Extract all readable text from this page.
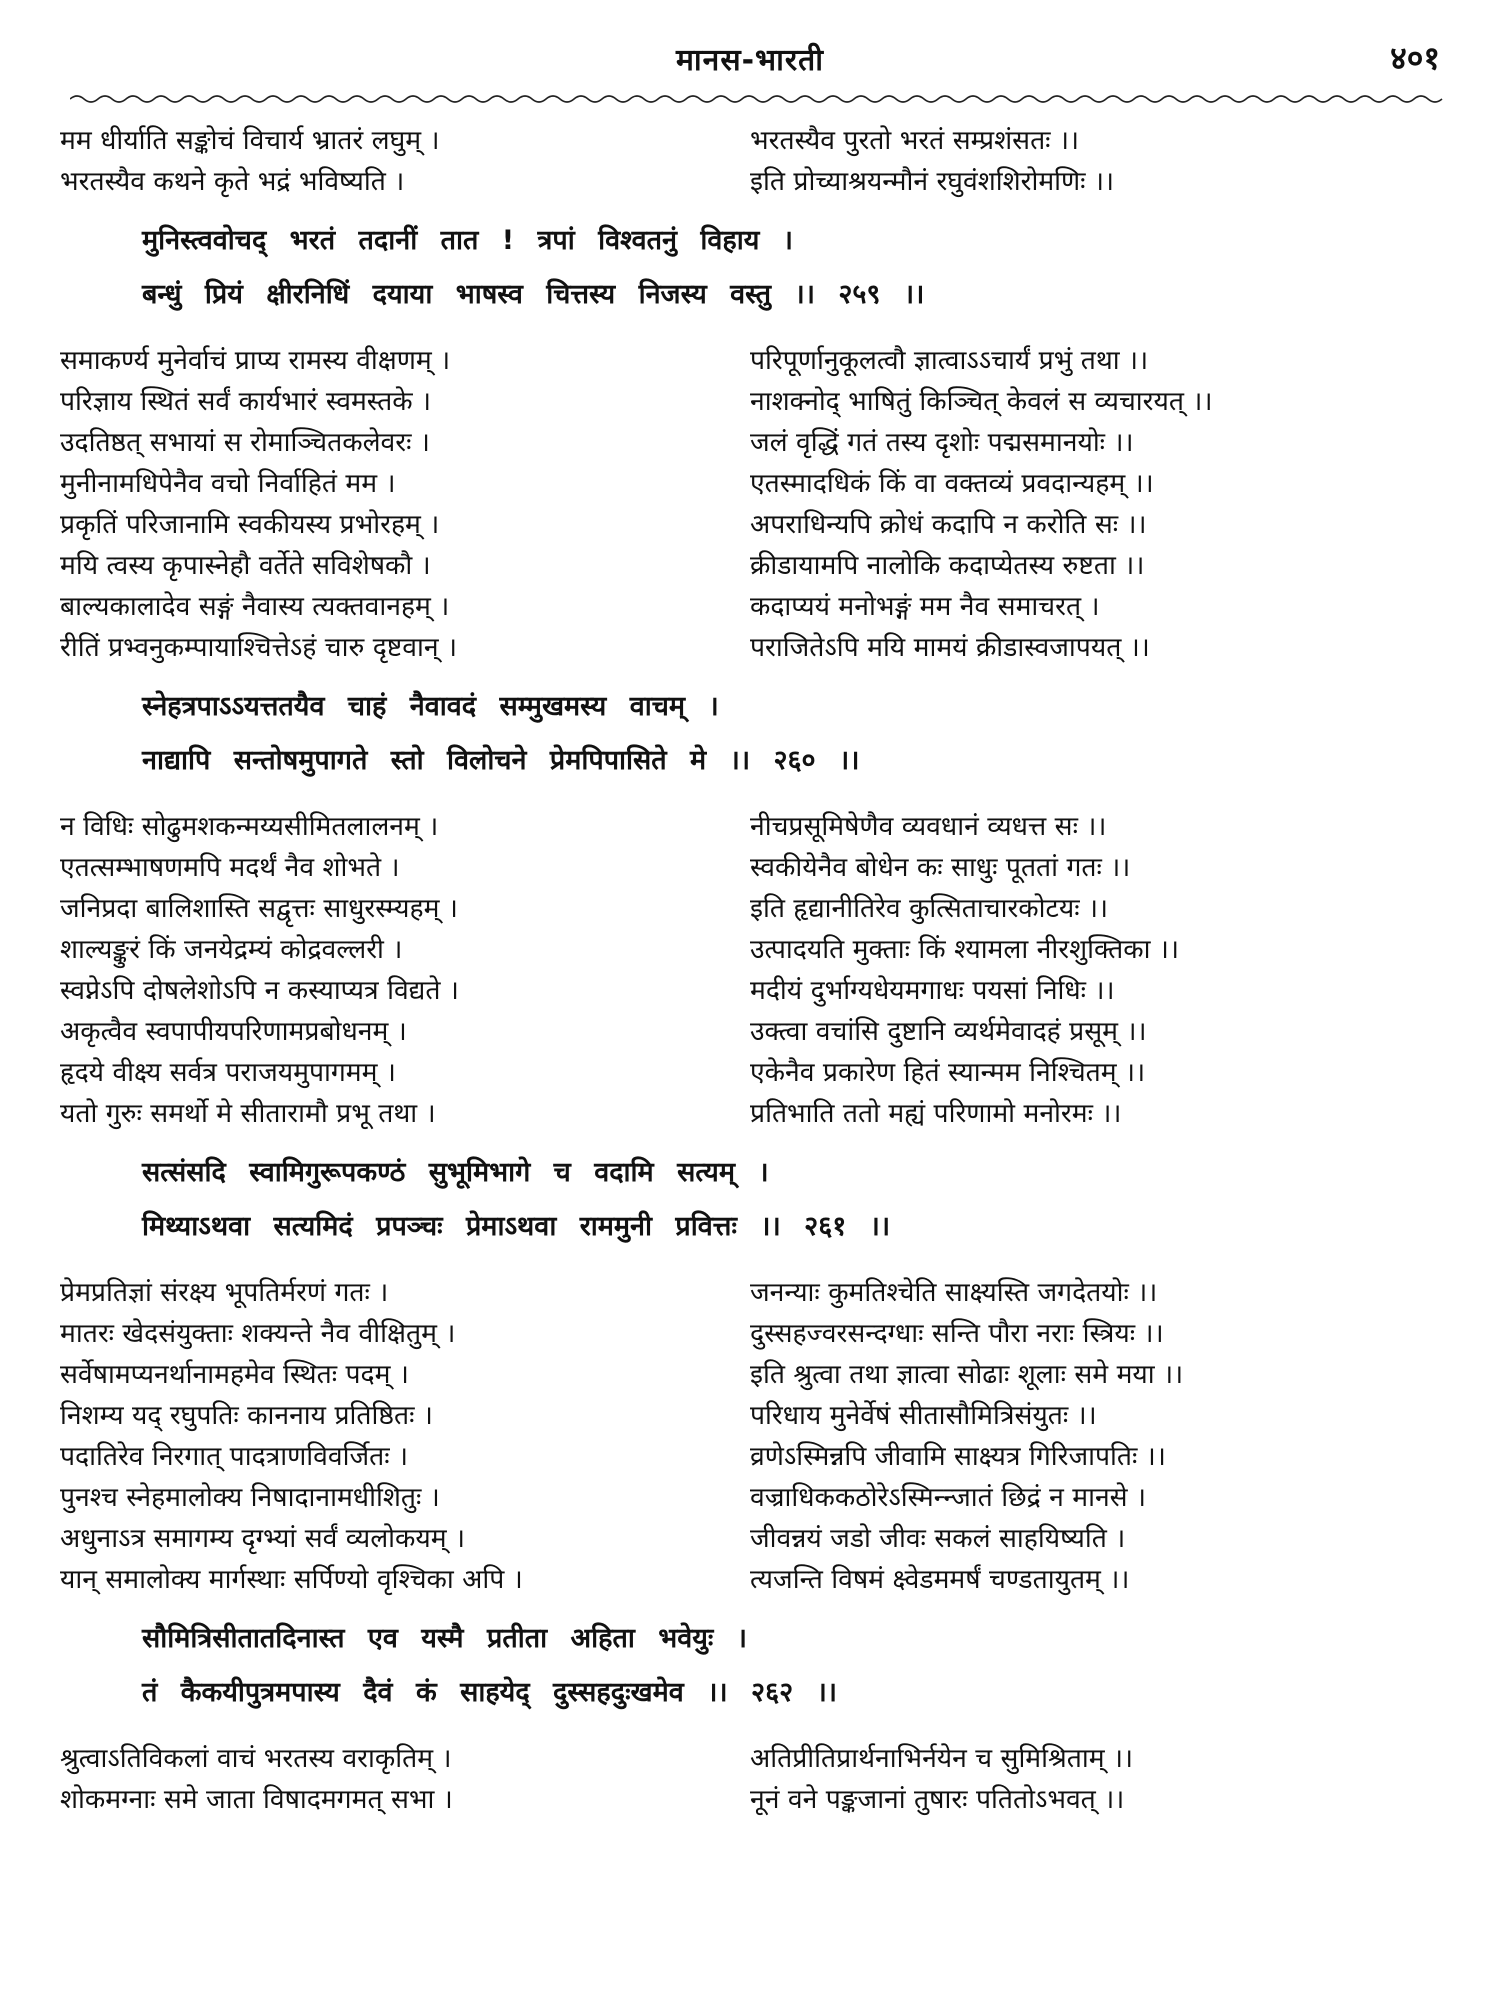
मानस-भारती	४०१
मम धीर्याति सङ्कोचं विचार्य भ्रातरं लघुम् ।	भरतस्यैव पुरतो भरतं सम्प्रशंसतः ।।
भरतस्यैव कथने कृते भद्रं भविष्यति ।	इति प्रोच्याश्रयन्मौनं रघुवंशशिरोमणिः ।।
मुनिस्त्ववोचद् भरतं तदानीं तात ! त्रपां विश्वतनुं विहाय ।
बन्धुं प्रियं क्षीरनिधिं दयाया भाषस्व चित्तस्य निजस्य वस्तु ।। २५९ ।।
समाकर्ण्य मुनेर्वाचं प्राप्य रामस्य वीक्षणम् ।	परिपूर्णानुकूलत्वौ ज्ञात्वाऽऽचार्यं प्रभुं तथा ।।
परिज्ञाय स्थितं सर्वं कार्यभारं स्वमस्तके ।	नाशक्नोद् भाषितुं किञ्चित् केवलं स व्यचारयत् ।।
उदतिष्ठत् सभायां स रोमाञ्चितकलेवरः ।	जलं वृद्धिं गतं तस्य दृशोः पद्मसमानयोः ।।
मुनीनामधिपेनैव वचो निर्वाहितं मम ।	एतस्मादधिकं किं वा वक्तव्यं प्रवदान्यहम् ।।
प्रकृतिं परिजानामि स्वकीयस्य प्रभोरहम् ।	अपराधिन्यपि क्रोधं कदापि न करोति सः ।।
मयि त्वस्य कृपास्नेहौ वर्तेते सविशेषकौ ।	क्रीडायामपि नालोकि कदाप्येतस्य रुष्टता ।।
बाल्यकालादेव सङ्गं नैवास्य त्यक्तवानहम् ।	कदाप्ययं मनोभङ्गं मम नैव समाचरत् ।
रीतिं प्रभ्वनुकम्पायाश्चित्तेऽहं चारु दृष्टवान् ।	पराजितेऽपि मयि मामयं क्रीडास्वजापयत् ।।
स्नेहत्रपाऽऽयत्ततयैव चाहं नैवावदं सम्मुखमस्य वाचम् ।
नाद्यापि सन्तोषमुपागते स्तो विलोचने प्रेमपिपासिते मे ।। २६० ।।
न विधिः सोढुमशकन्मय्यसीमितलालनम् ।	नीचप्रसूमिषेणैव व्यवधानं व्यधत्त सः ।।
एतत्सम्भाषणमपि मदर्थं नैव शोभते ।	स्वकीयेनैव बोधेन कः साधुः पूततां गतः ।।
जनिप्रदा बालिशास्ति सद्वृत्तः साधुरस्म्यहम् ।	इति हृद्यानीतिरेव कुत्सिताचारकोटयः ।।
शाल्यङ्कुरं किं जनयेद्रम्यं कोद्रवल्लरी ।	उत्पादयति मुक्ताः किं श्यामला नीरशुक्तिका ।।
स्वप्नेऽपि दोषलेशोऽपि न कस्याप्यत्र विद्यते ।	मदीयं दुर्भाग्यधेयमगाधः पयसां निधिः ।।
अकृत्वैव स्वपापीयपरिणामप्रबोधनम् ।	उक्त्वा वचांसि दुष्टानि व्यर्थमेवादहं प्रसूम् ।।
हृदये वीक्ष्य सर्वत्र पराजयमुपागमम् ।	एकेनैव प्रकारेण हितं स्यान्मम निश्चितम् ।।
यतो गुरुः समर्थो मे सीतारामौ प्रभू तथा ।	प्रतिभाति ततो मह्यं परिणामो मनोरमः ।।
सत्संसदि स्वामिगुरूपकण्ठं सुभूमिभागे च वदामि सत्यम् ।
मिथ्याऽथवा सत्यमिदं प्रपञ्चः प्रेमाऽथवा राममुनी प्रवित्तः ।। २६१ ।।
प्रेमप्रतिज्ञां संरक्ष्य भूपतिर्मरणं गतः ।	जनन्याः कुमतिश्चेति साक्ष्यस्ति जगदेतयोः ।।
मातरः खेदसंयुक्ताः शक्यन्ते नैव वीक्षितुम् ।	दुस्सहज्वरसन्दग्धाः सन्ति पौरा नराः स्त्रियः ।।
सर्वेषामप्यनर्थानामहमेव स्थितः पदम् ।	इति श्रुत्वा तथा ज्ञात्वा सोढाः शूलाः समे मया ।।
निशम्य यद् रघुपतिः काननाय प्रतिष्ठितः ।	परिधाय मुनेर्वेषं सीतासौमित्रिसंयुतः ।।
पदातिरेव निरगात् पादत्राणविवर्जितः ।	व्रणेऽस्मिन्नपि जीवामि साक्ष्यत्र गिरिजापतिः ।।
पुनश्च स्नेहमालोक्य निषादानामधीशितुः ।	वज्राधिककठोरेऽस्मिन्न्जातं छिद्रं न मानसे ।
अधुनाऽत्र समागम्य दृग्भ्यां सर्वं व्यलोकयम् ।	जीवन्नयं जडो जीवः सकलं साहयिष्यति ।
यान् समालोक्य मार्गस्थाः सर्पिण्यो वृश्चिका अपि ।	त्यजन्ति विषमं क्ष्वेडममर्षं चण्डतायुतम् ।।
सौमित्रिसीतातदिनास्त एव यस्मै प्रतीता अहिता भवेयुः ।
तं कैकयीपुत्रमपास्य दैवं कं साहयेद् दुस्सहदुःखमेव ।। २६२ ।।
श्रुत्वाऽतिविकलां वाचं भरतस्य वराकृतिम् ।	अतिप्रीतिप्रार्थनाभिर्नयेन च सुमिश्रिताम् ।।
शोकमग्नाः समे जाता विषादमगमत् सभा ।	नूनं वने पङ्कजानां तुषारः पतितोऽभवत् ।।
